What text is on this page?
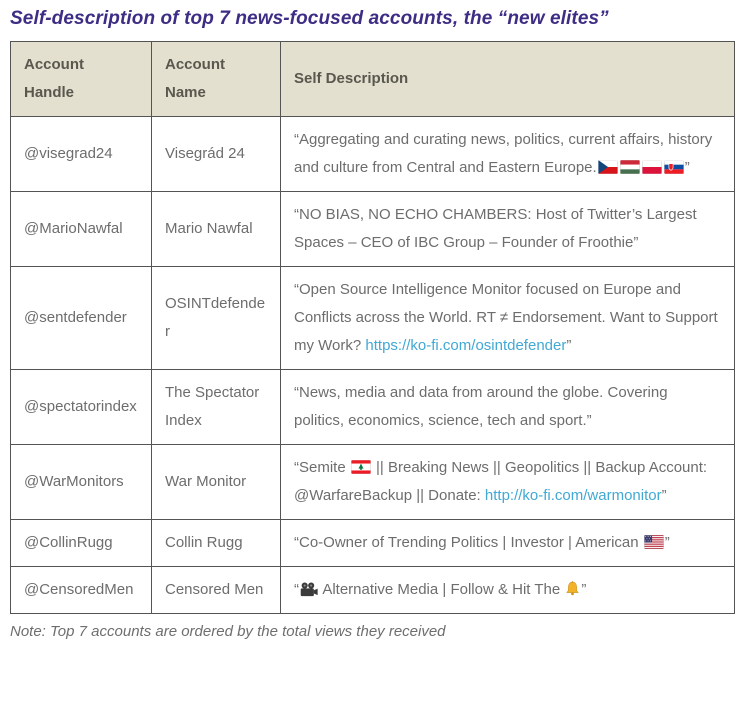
Self-description of top 7 news-focused accounts, the “new elites”
Account Handle	Account Name	Self Description
@visegrad24	Visegrád 24	“Aggregating and curating news, politics, current affairs, history and culture from Central and Eastern Europe. ”
@MarioNawfal	Mario Nawfal	“NO BIAS, NO ECHO CHAMBERS: Host of Twitter’s Largest Spaces – CEO of IBC Group – Founder of Froothie”
@sentdefender	OSINTdefender	“Open Source Intelligence Monitor focused on Europe and Conflicts across the World. RT ≠ Endorsement. Want to Support my Work? https://ko-fi.com/osintdefender”
@spectatorindex	The Spectator Index	“News, media and data from around the globe. Covering politics, economics, science, tech and sport.”
@WarMonitors	War Monitor	“Semite  || Breaking News || Geopolitics || Backup Account: @WarfareBackup || Donate: http://ko-fi.com/warmonitor”
@CollinRugg	Collin Rugg	“Co-Owner of Trending Politics | Investor | American ”
@CensoredMen	Censored Men	“ Alternative Media | Follow & Hit The ”
Note: Top 7 accounts are ordered by the total views they received
